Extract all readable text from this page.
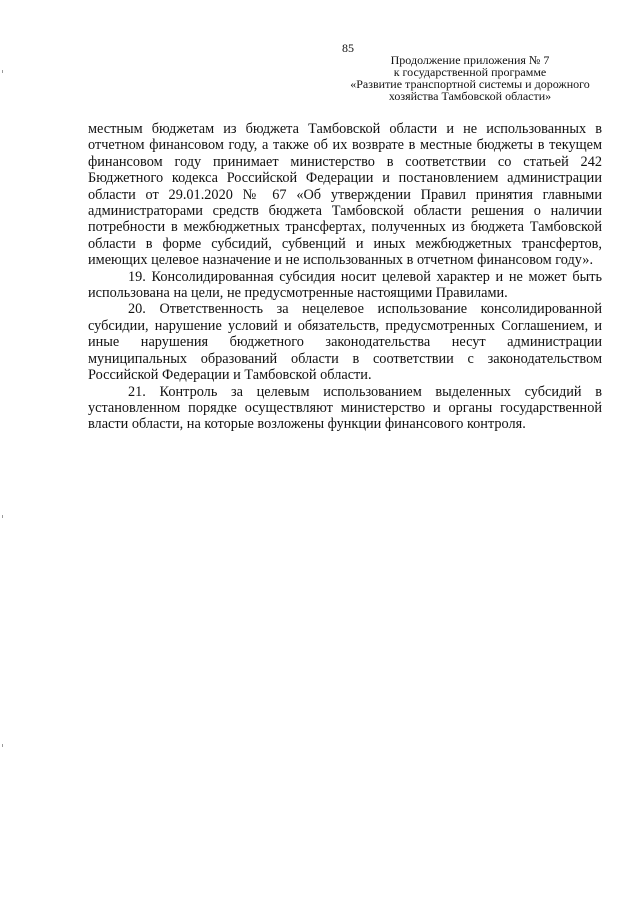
85
Продолжение приложения № 7
к государственной программе
«Развитие транспортной системы и дорожного
хозяйства Тамбовской области»

местным бюджетам из бюджета Тамбовской области и не использованных в отчетном финансовом году, а также об их возврате в местные бюджеты в текущем финансовом году принимает министерство в соответствии со статьей 242 Бюджетного кодекса Российской Федерации и постановлением администрации области от 29.01.2020 № 67 «Об утверждении Правил принятия главными администраторами средств бюджета Тамбовской области решения о наличии потребности в межбюджетных трансфертах, полученных из бюджета Тамбовской области в форме субсидий, субвенций и иных межбюджетных трансфертов, имеющих целевое назначение и не использованных в отчетном финансовом году».

19. Консолидированная субсидия носит целевой характер и не может быть использована на цели, не предусмотренные настоящими Правилами.

20. Ответственность за нецелевое использование консолидированной субсидии, нарушение условий и обязательств, предусмотренных Соглашением, и иные нарушения бюджетного законодательства несут администрации муниципальных образований области в соответствии с законодательством Российской Федерации и Тамбовской области.

21. Контроль за целевым использованием выделенных субсидий в установленном порядке осуществляют министерство и органы государственной власти области, на которые возложены функции финансового контроля.
